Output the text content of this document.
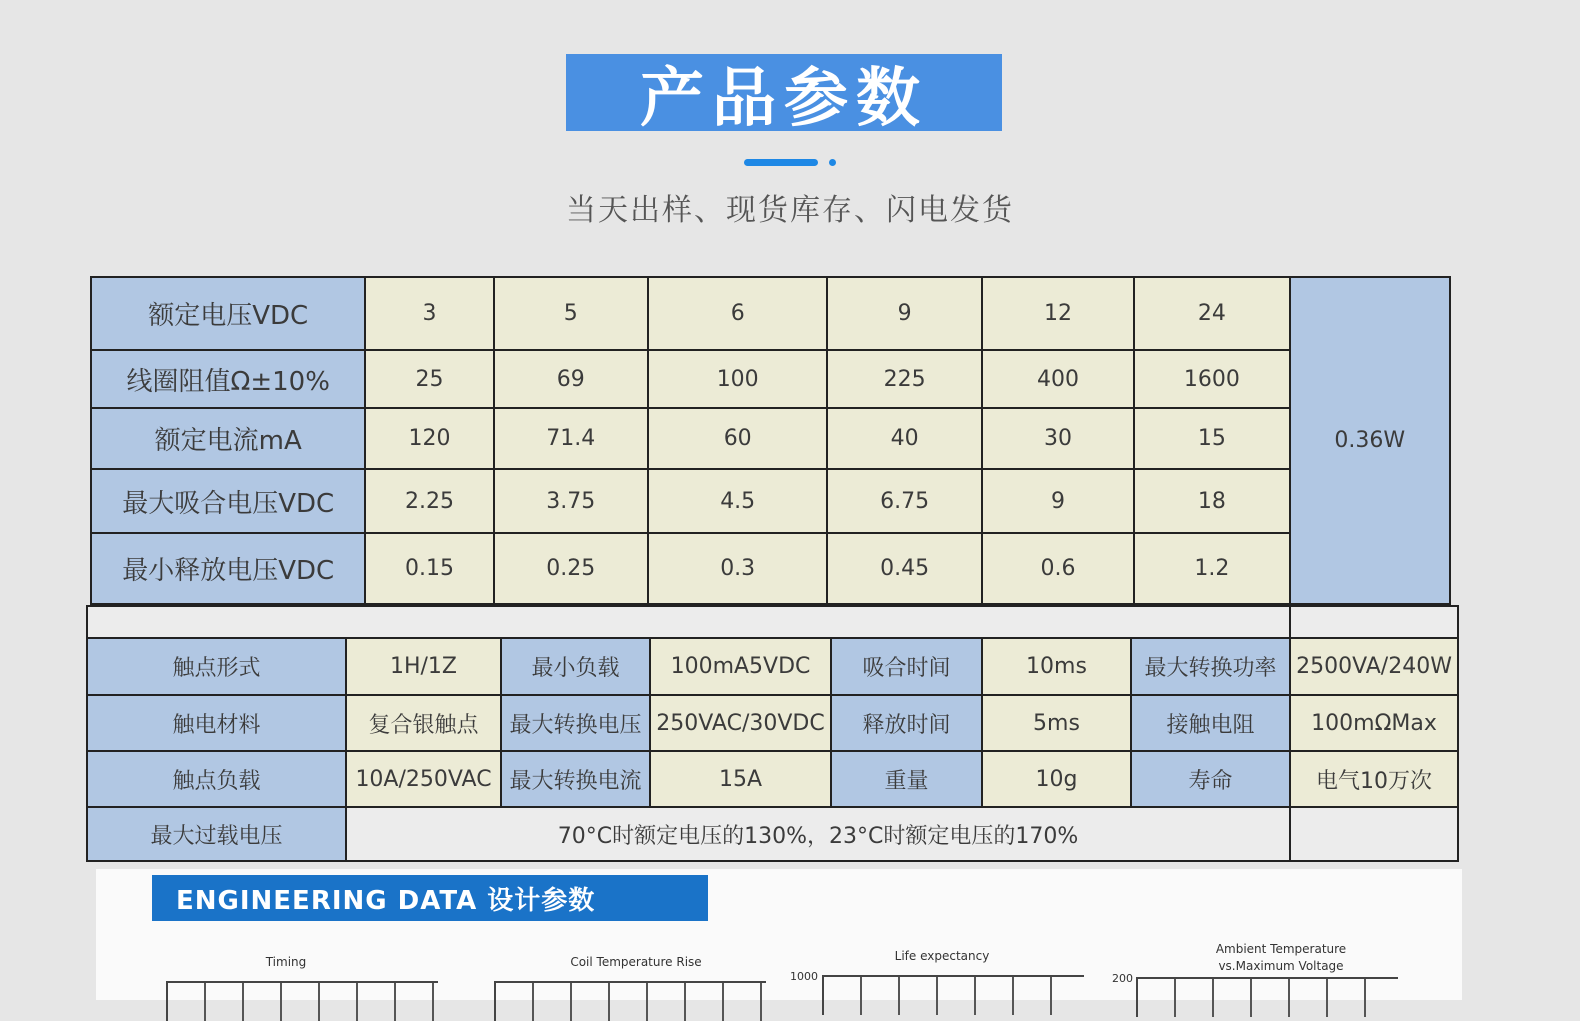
产品参数
当天出样、现货库存、闪电发货
额定电压VDC	3	5	6	9	12	24	0.36W
线圈阻值Ω±10%	25	69	100	225	400	1600	
额定电流mA	120	71.4	60	40	30	15	
最大吸合电压VDC	2.25	3.75	4.5	6.75	9	18	
最小释放电压VDC	0.15	0.25	0.3	0.45	0.6	1.2	

触点形式	1H/1Z	最小负载	100mA5VDC	吸合时间	10ms	最大转换功率	2500VA/240W
触电材料	复合银触点	最大转换电压	250VAC/30VDC	释放时间	5ms	接触电阻	100mΩMax
触点负载	10A/250VAC	最大转换电流	15A	重量	10g	寿命	电气10万次
最大过载电压	70°C时额定电压的130%，23°C时额定电压的170%						
ENGINEERING DATA 设计参数
Timing	Coil Temperature Rise	Life expectancy
1000
Ambient Temperature
vs.Maximum Voltage
200
